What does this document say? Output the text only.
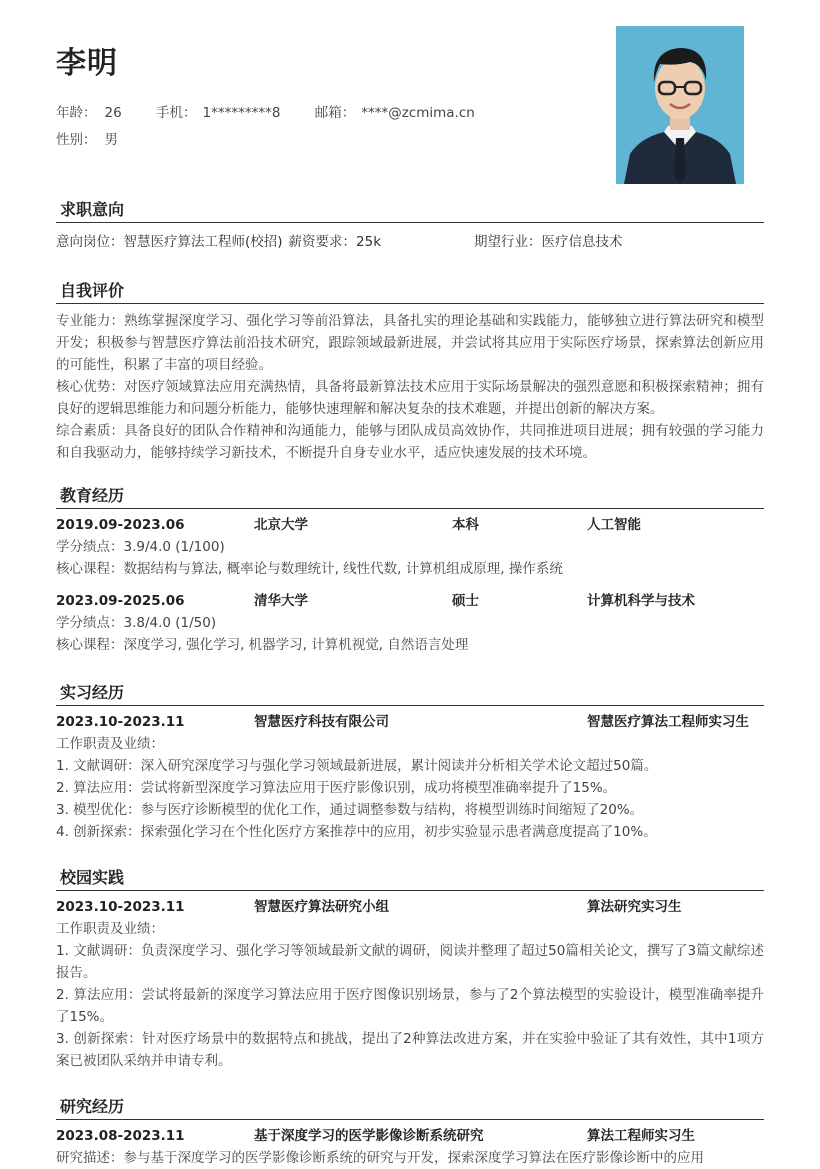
李明
年龄： 26	手机： 1*********8	邮箱： ****@zcmima.cn
性别： 男
求职意向
意向岗位：智慧医疗算法工程师(校招) 薪资要求：25k	期望行业：医疗信息技术
自我评价
专业能力：熟练掌握深度学习、强化学习等前沿算法，具备扎实的理论基础和实践能力，能够独立进行算法研究和模型开发；积极参与智慧医疗算法前沿技术研究，跟踪领域最新进展，并尝试将其应用于实际医疗场景，探索算法创新应用的可能性，积累了丰富的项目经验。
核心优势：对医疗领域算法应用充满热情，具备将最新算法技术应用于实际场景解决的强烈意愿和积极探索精神；拥有良好的逻辑思维能力和问题分析能力，能够快速理解和解决复杂的技术难题，并提出创新的解决方案。
综合素质：具备良好的团队合作精神和沟通能力，能够与团队成员高效协作，共同推进项目进展；拥有较强的学习能力和自我驱动力，能够持续学习新技术，不断提升自身专业水平，适应快速发展的技术环境。
教育经历
2019.09-2023.06	北京大学	本科	人工智能
学分绩点：3.9/4.0 (1/100)
核心课程：数据结构与算法, 概率论与数理统计, 线性代数, 计算机组成原理, 操作系统
2023.09-2025.06	清华大学	硕士	计算机科学与技术
学分绩点：3.8/4.0 (1/50)
核心课程：深度学习, 强化学习, 机器学习, 计算机视觉, 自然语言处理
实习经历
2023.10-2023.11	智慧医疗科技有限公司	智慧医疗算法工程师实习生
工作职责及业绩：
1. 文献调研：深入研究深度学习与强化学习领域最新进展，累计阅读并分析相关学术论文超过50篇。
2. 算法应用：尝试将新型深度学习算法应用于医疗影像识别，成功将模型准确率提升了15%。
3. 模型优化：参与医疗诊断模型的优化工作，通过调整参数与结构，将模型训练时间缩短了20%。
4. 创新探索：探索强化学习在个性化医疗方案推荐中的应用，初步实验显示患者满意度提高了10%。
校园实践
2023.10-2023.11	智慧医疗算法研究小组	算法研究实习生
工作职责及业绩：
1. 文献调研：负责深度学习、强化学习等领域最新文献的调研，阅读并整理了超过50篇相关论文，撰写了3篇文献综述报告。
2. 算法应用：尝试将最新的深度学习算法应用于医疗图像识别场景，参与了2个算法模型的实验设计，模型准确率提升了15%。
3. 创新探索：针对医疗场景中的数据特点和挑战，提出了2种算法改进方案，并在实验中验证了其有效性，其中1项方案已被团队采纳并申请专利。
研究经历
2023.08-2023.11	基于深度学习的医学影像诊断系统研究	算法工程师实习生
研究描述：参与基于深度学习的医学影像诊断系统的研究与开发，探索深度学习算法在医疗影像诊断中的应用
